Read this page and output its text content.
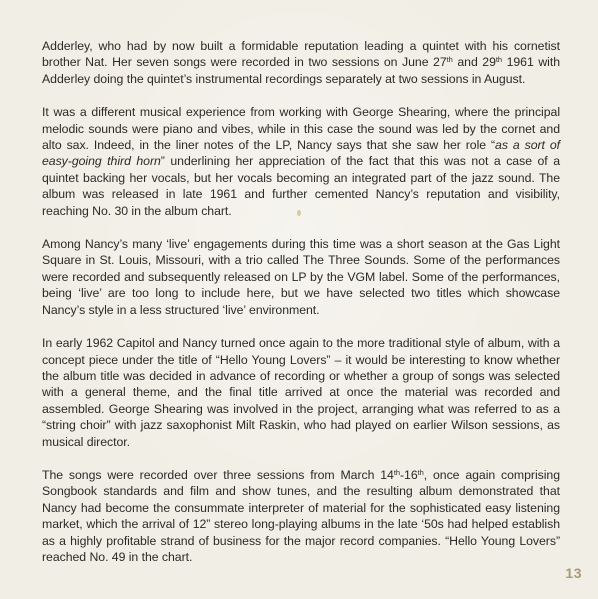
Adderley, who had by now built a formidable reputation leading a quintet with his cornetist brother Nat. Her seven songs were recorded in two sessions on June 27th and 29th 1961 with Adderley doing the quintet’s instrumental recordings separately at two sessions in August.

It was a different musical experience from working with George Shearing, where the principal melodic sounds were piano and vibes, while in this case the sound was led by the cornet and alto sax. Indeed, in the liner notes of the LP, Nancy says that she saw her role “as a sort of easy-going third horn” underlining her appreciation of the fact that this was not a case of a quintet backing her vocals, but her vocals becoming an integrated part of the jazz sound. The album was released in late 1961 and further cemented Nancy’s reputation and visibility, reaching No. 30 in the album chart.

Among Nancy’s many ‘live’ engagements during this time was a short season at the Gas Light Square in St. Louis, Missouri, with a trio called The Three Sounds. Some of the performances were recorded and subsequently released on LP by the VGM label. Some of the performances, being ‘live’ are too long to include here, but we have selected two titles which showcase Nancy’s style in a less structured ‘live’ environment.

In early 1962 Capitol and Nancy turned once again to the more traditional style of album, with a concept piece under the title of “Hello Young Lovers” – it would be interesting to know whether the album title was decided in advance of recording or whether a group of songs was selected with a general theme, and the final title arrived at once the material was recorded and assembled. George Shearing was involved in the project, arranging what was referred to as a “string choir” with jazz saxophonist Milt Raskin, who had played on earlier Wilson sessions, as musical director.

The songs were recorded over three sessions from March 14th-16th, once again comprising Songbook standards and film and show tunes, and the resulting album demonstrated that Nancy had become the consummate interpreter of material for the sophisticated easy listening market, which the arrival of 12” stereo long-playing albums in the late ‘50s had helped establish as a highly profitable strand of business for the major record companies. “Hello Young Lovers” reached No. 49 in the chart.

13
